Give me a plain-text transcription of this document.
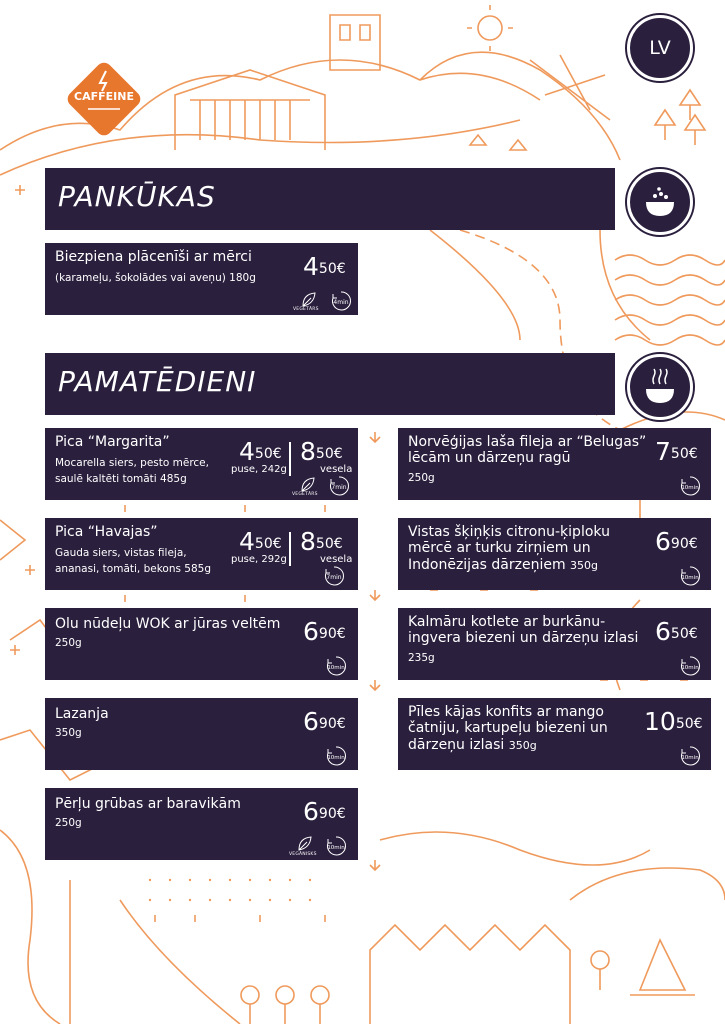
CAFFEINE
LV
PANKŪKAS
Biezpiena plācenīši ar mērci
(karameļu, šokolādes vai aveņu) 180g $4^{50€}$
VEGETĀRS
4min
PAMATĒDIENI
Pica “Margarita”
Mocarella siers, pesto mērce,
saulē kaltēti tomāti 485g
$4^{50€}$
puse, 242g
$8^{50€}$
vesela
VEGETĀRS
7min
Pica “Havajas”
Gauda siers, vistas fileja,
ananasi, tomāti, bekons 585g
$4^{50€}$
puse, 292g
$8^{50€}$
vesela
7min
Olu nūdeļu WOK ar jūras veltēm
250g	$6^{90€}$
10min
Lazanja
350g	$6^{90€}$
10min
Pērļu grūbas ar baravikām
250g	$6^{90€}$
VEGĀNISKS
10min
Norvēģijas laša fileja ar “Belugas”
lēcām un dārzeņu ragū
250g
$7^{50€}$
10min
Vistas šķiņķis citronu-ķiploku
mērcē ar turku zirņiem un
Indonēzijas dārzeņiem 350g
$6^{90€}$
10min
Kalmāru kotlete ar burkānu-
ingvera biezeni un dārzeņu izlasi
235g
$6^{50€}$
10min
Pīles kājas konfits ar mango
čatniju, kartupeļu biezeni un
dārzeņu izlasi 350g
$10^{50€}$
10min
